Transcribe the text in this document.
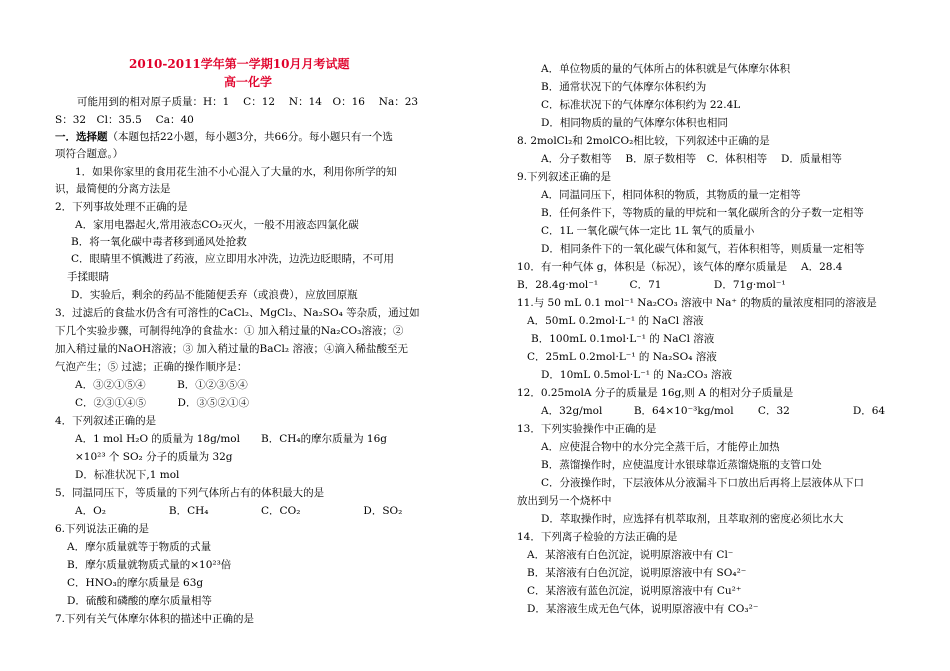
2010-2011学年第一学期10月月考试题
高一化学
可能用到的相对原子质量：H：1　 C：12　 N：14　O：16　 Na：23
S：32　Cl：35.5　 Ca：40
一．选择题（本题包括22小题，每小题3分，共66分。每小题只有一个选
项符合题意。）
1．如果你家里的食用花生油不小心混入了大量的水，利用你所学的知
识，最简便的分离方法是
2．下列事故处理不正确的是
A．家用电器起火,常用液态CO₂灭火，一般不用液态四氯化碳
B．将一氧化碳中毒者移到通风处抢救
C．眼睛里不慎溅进了药液，应立即用水冲洗，边洗边眨眼睛，不可用
手揉眼睛
D．实验后，剩余的药品不能随便丢弃（或浪费），应放回原瓶
3．过滤后的食盐水仍含有可溶性的CaCl₂、MgCl₂、Na₂SO₄ 等杂质，通过如
下几个实验步骤，可制得纯净的食盐水：① 加入稍过量的Na₂CO₃溶液；②
加入稍过量的NaOH溶液；③ 加入稍过量的BaCl₂ 溶液；④滴入稀盐酸至无
气泡产生；⑤ 过滤；正确的操作顺序是：
A．③②①⑤④　　　B．①②③⑤④
C．②③①④⑤　　　D．③⑤②①④
4．下列叙述正确的是
A．1 mol H₂O 的质量为 18g/mol　　B．CH₄的摩尔质量为 16g
×10²³ 个 SO₂ 分子的质量为 32g
D．标准状况下,1 mol
5．同温同压下，等质量的下列气体所占有的体积最大的是
A．O₂　　　　　　B．CH₄　　　　　C．CO₂　　　　　　D．SO₂
6.下列说法正确的是
A．摩尔质量就等于物质的式量
B．摩尔质量就物质式量的×10²³倍
C．HNO₃的摩尔质量是 63g
D．硫酸和磷酸的摩尔质量相等
7.下列有关气体摩尔体积的描述中正确的是
A．单位物质的量的气体所占的体积就是气体摩尔体积
B．通常状况下的气体摩尔体积约为
C．标准状况下的气体摩尔体积约为 22.4L
D．相同物质的量的气体摩尔体积也相同
8. 2molCl₂和 2molCO₂相比较，下列叙述中正确的是
A．分子数相等　 B．原子数相等　C．体积相等　 D．质量相等
9.下列叙述正确的是
A．同温同压下，相同体积的物质，其物质的量一定相等
B．任何条件下，等物质的量的甲烷和一氧化碳所含的分子数一定相等
C．1L 一氧化碳气体一定比 1L 氧气的质量小
D．相同条件下的一氧化碳气体和氮气，若体积相等，则质量一定相等
10．有一种气体 g，体积是（标况），该气体的摩尔质量是　 A．28.4
B．28.4g·mol⁻¹　　　C．71　　　　　D．71g·mol⁻¹
11.与 50 mL 0.1 mol⁻¹ Na₂CO₃ 溶液中 Na⁺ 的物质的量浓度相同的溶液是
A．50mL 0.2mol·L⁻¹ 的 NaCl 溶液
B．100mL 0.1mol·L⁻¹ 的 NaCl 溶液
C．25mL 0.2mol·L⁻¹ 的 Na₂SO₄ 溶液
D．10mL 0.5mol·L⁻¹ 的 Na₂CO₃ 溶液
12．0.25molA 分子的质量是 16g,则 A 的相对分子质量是
A．32g/mol　　　B．64×10⁻³kg/mol　　 C．32　　　　　　D．64
13．下列实验操作中正确的是
A．应使混合物中的水分完全蒸干后，才能停止加热
B．蒸馏操作时，应使温度计水银球靠近蒸馏烧瓶的支管口处
C．分液操作时，下层液体从分液漏斗下口放出后再将上层液体从下口
放出到另一个烧杯中
D．萃取操作时，应选择有机萃取剂，且萃取剂的密度必须比水大
14．下列离子检验的方法正确的是
A．某溶液有白色沉淀，说明原溶液中有 Cl⁻
B．某溶液有白色沉淀，说明原溶液中有 SO₄²⁻
C．某溶液有蓝色沉淀，说明原溶液中有 Cu²⁺
D．某溶液生成无色气体，说明原溶液中有 CO₃²⁻
